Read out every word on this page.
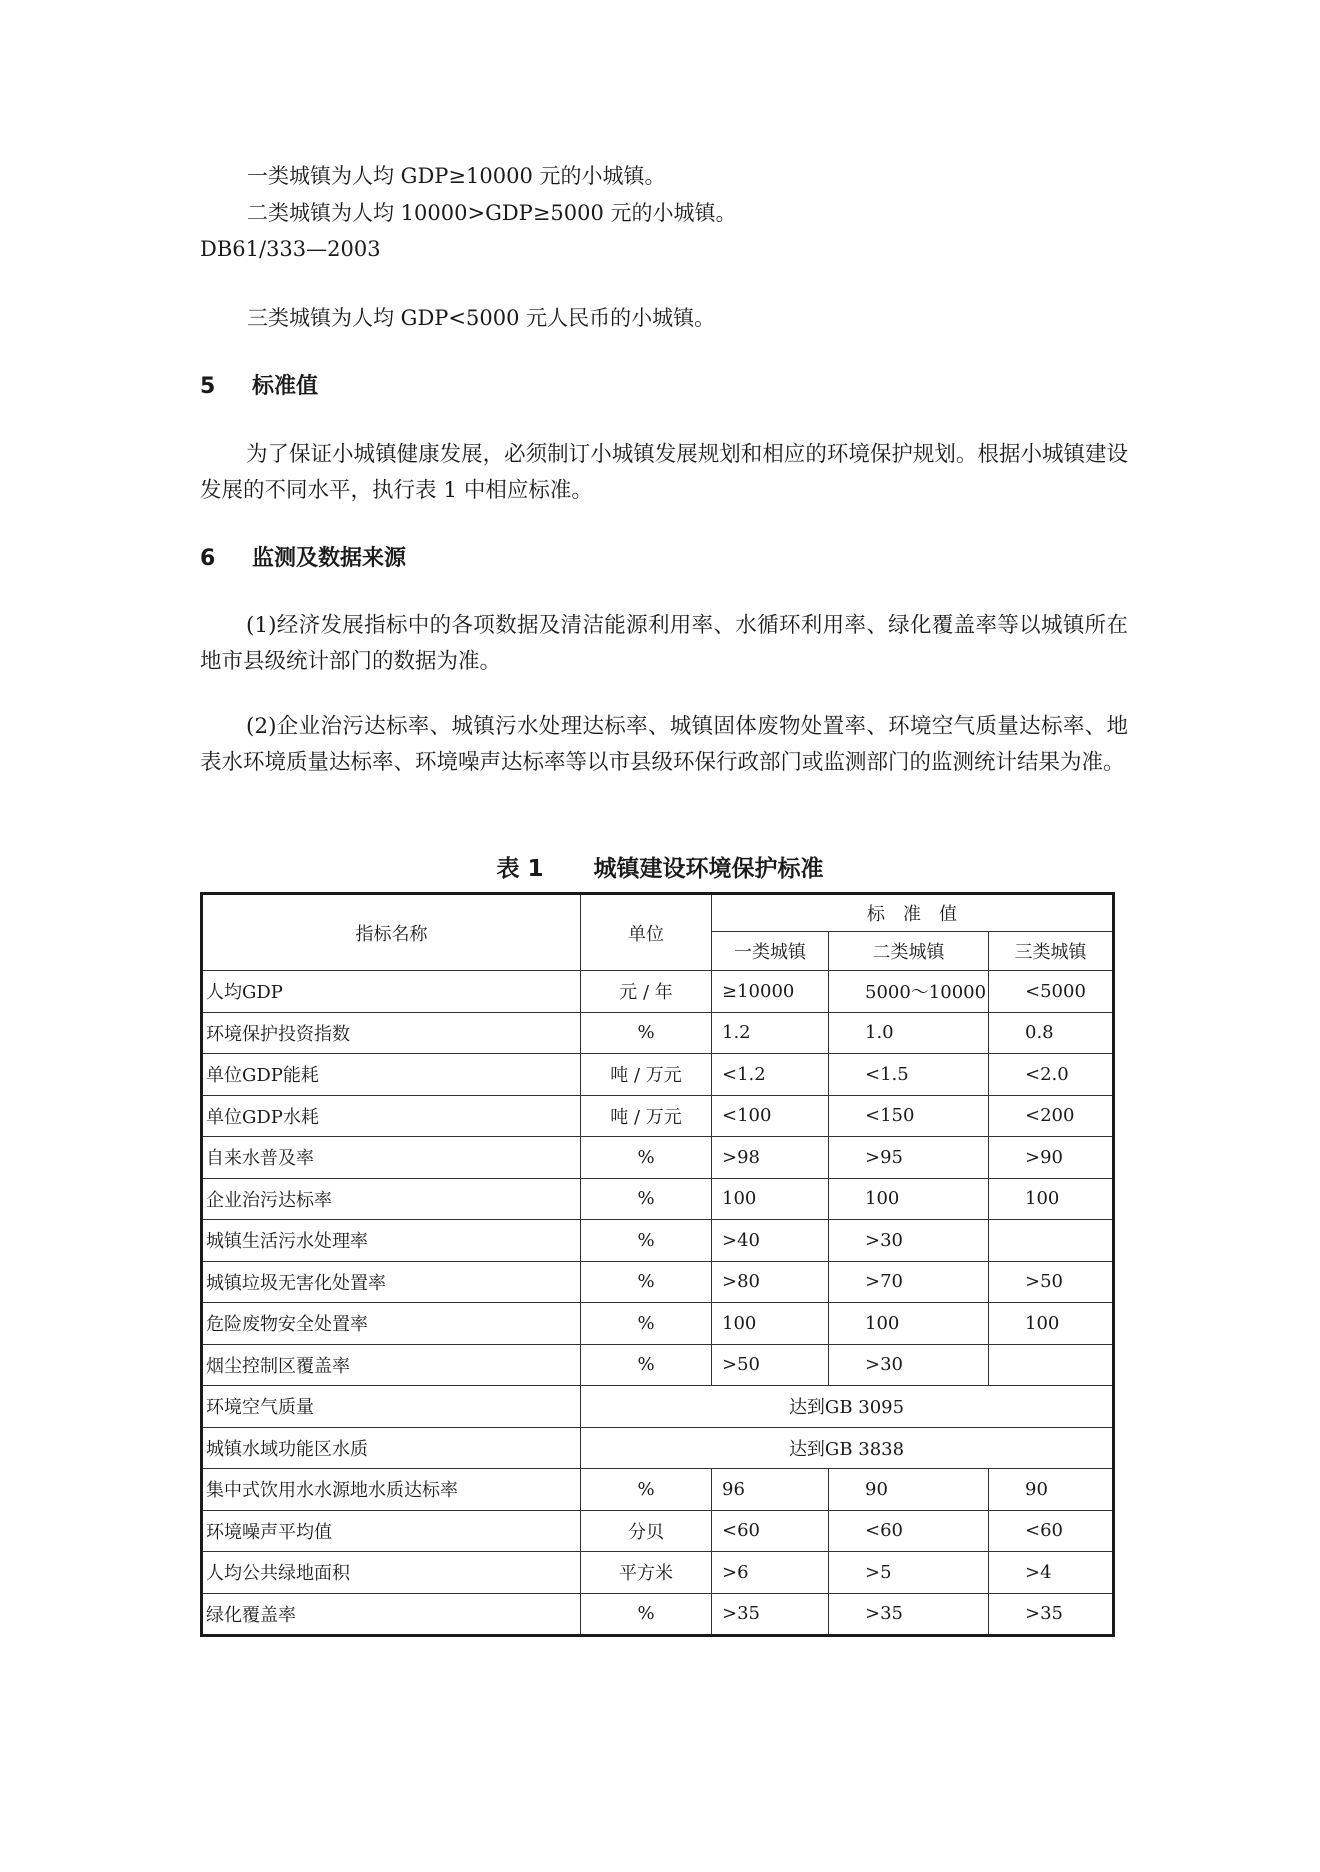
一类城镇为人均 GDP≥10000 元的小城镇。
二类城镇为人均 10000>GDP≥5000 元的小城镇。
DB61/333—2003
三类城镇为人均 GDP<5000 元人民币的小城镇。
5 标准值
为了保证小城镇健康发展，必须制订小城镇发展规划和相应的环境保护规划。根据小城镇建设发展的不同水平，执行表 1 中相应标准。
6 监测及数据来源
(1)经济发展指标中的各项数据及清洁能源利用率、水循环利用率、绿化覆盖率等以城镇所在地市县级统计部门的数据为准。
(2)企业治污达标率、城镇污水处理达标率、城镇固体废物处置率、环境空气质量达标率、地表水环境质量达标率、环境噪声达标率等以市县级环保行政部门或监测部门的监测统计结果为准。
表 1 城镇建设环境保护标准
指标名称	单位	标　准　值		
		一类城镇	二类城镇	三类城镇
人均GDP	元 / 年	≥10000	5000～10000	<5000
环境保护投资指数	%	1.2	1.0	0.8
单位GDP能耗	吨 / 万元	<1.2	<1.5	<2.0
单位GDP水耗	吨 / 万元	<100	<150	<200
自来水普及率	%	>98	>95	>90
企业治污达标率	%	100	100	100
城镇生活污水处理率	%	>40	>30	
城镇垃圾无害化处置率	%	>80	>70	>50
危险废物安全处置率	%	100	100	100
烟尘控制区覆盖率	%	>50	>30	
环境空气质量	达到GB 3095			
城镇水域功能区水质	达到GB 3838			
集中式饮用水水源地水质达标率	%	96	90	90
环境噪声平均值	分贝	<60	<60	<60
人均公共绿地面积	平方米	>6	>5	>4
绿化覆盖率	%	>35	>35	>35
